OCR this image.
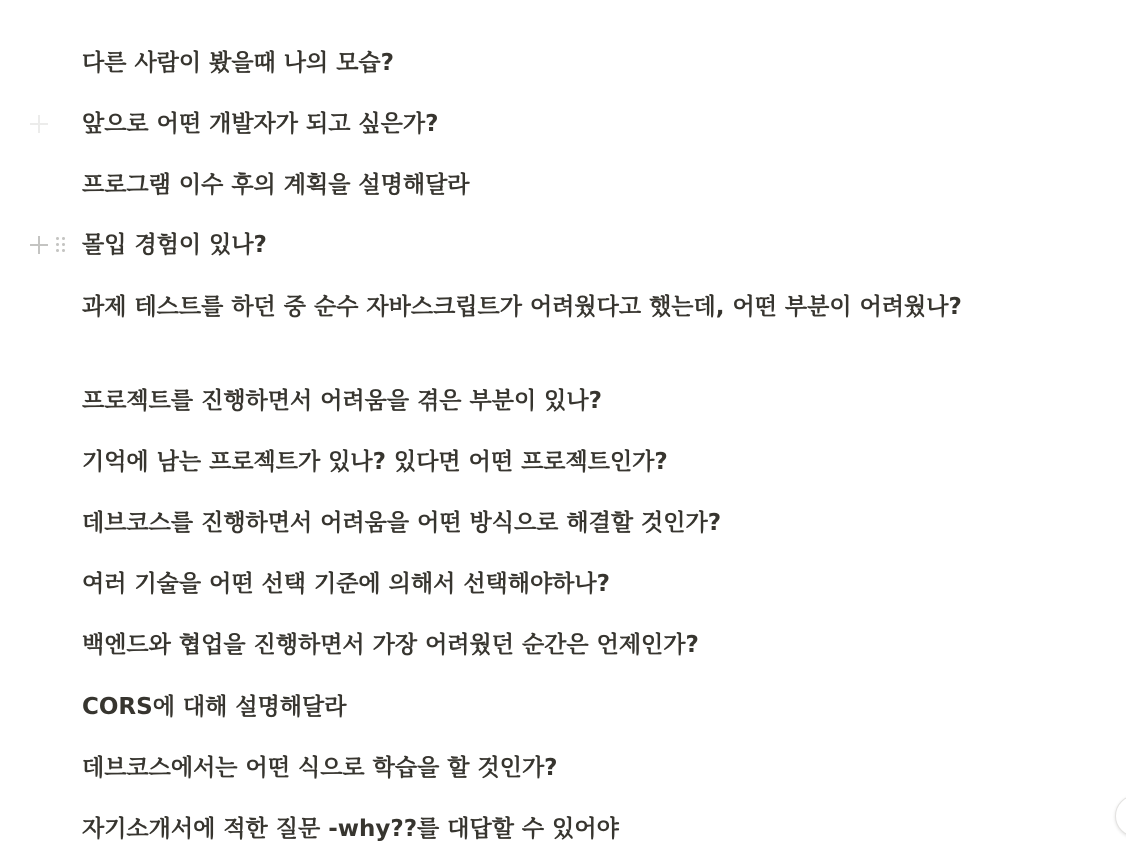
다른 사람이 봤을때 나의 모습?
앞으로 어떤 개발자가 되고 싶은가?
프로그램 이수 후의 계획을 설명해달라
몰입 경험이 있나?
과제 테스트를 하던 중 순수 자바스크립트가 어려웠다고 했는데, 어떤 부분이 어려웠나?
프로젝트를 진행하면서 어려움을 겪은 부분이 있나?
기억에 남는 프로젝트가 있나? 있다면 어떤 프로젝트인가?
데브코스를 진행하면서 어려움을 어떤 방식으로 해결할 것인가?
여러 기술을 어떤 선택 기준에 의해서 선택해야하나?
백엔드와 협업을 진행하면서 가장 어려웠던 순간은 언제인가?
CORS에 대해 설명해달라
데브코스에서는 어떤 식으로 학습을 할 것인가?
자기소개서에 적한 질문 -why??를 대답할 수 있어야
